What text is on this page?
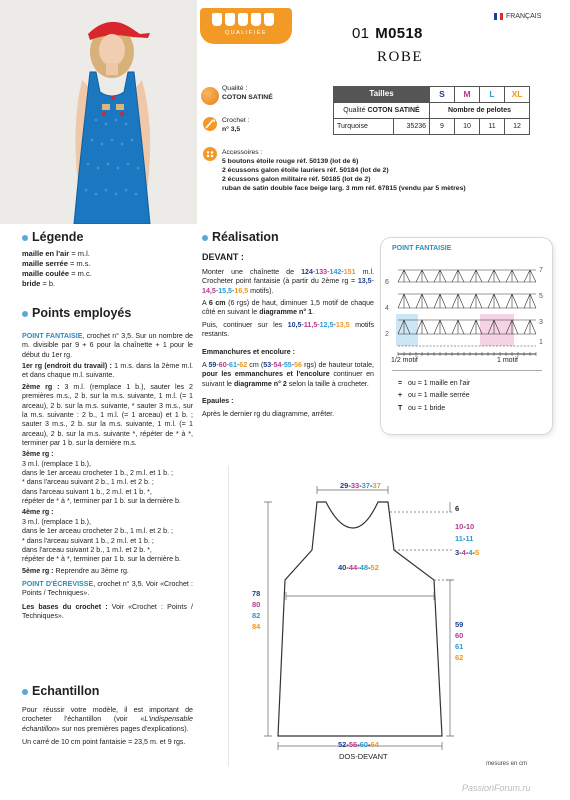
QUALIFIÉE
FRANÇAIS
01 M0518
ROBE
Qualité :
COTON SATINÉ
Crochet :
n° 3,5
Accessoires :
5 boutons étoile rouge réf. 50139 (lot de 6)
2 écussons galon étoile lauriers réf. 50184 (lot de 2)
2 écussons galon militaire réf. 50185 (lot de 2)
ruban de satin double face beige larg. 3 mm réf. 67815 (vendu par 5 mètres)
Tailles		S	M	L	XL
Qualité COTON SATINÉ		Nombre de pelotes			
Turquoise	35236	9	10	11	12
Légende
maille en l'air = m.l.
maille serrée = m.s.
maille coulée = m.c.
bride = b.
Points employés
POINT FANTAISIE, crochet n° 3,5. Sur un nombre de m. divisible par 9 + 6 pour la chaînette + 1 pour le début du 1er rg.
1er rg (endroit du travail) : 1 m.s. dans la 2ème m.l. et dans chaque m.l. suivante.
2ème rg : 3 m.l. (remplace 1 b.), sauter les 2 premières m.s., 2 b. sur la m.s. suivante, 1 m.l. (= 1 arceau), 2 b. sur la m.s. suivante, * sauter 3 m.s., sur la m.s. suivante : 2 b., 1 m.l. (= 1 arceau) et 1 b. ; sauter 3 m.s., 2 b. sur la m.s. suivante, 1 m.l. (= 1 arceau), 2 b. sur la m.s. suivante *, répéter de * à *, terminer par 1 b. sur la dernière m.s.
3ème rg :
3 m.l. (remplace 1 b.),
dans le 1er arceau crocheter 1 b., 2 m.l. et 1 b. ;
* dans l'arceau suivant 2 b., 1 m.l. et 2 b. ;
dans l'arceau suivant 1 b., 2 m.l. et 1 b. *,
répéter de * à *, terminer par 1 b. sur la dernière b.
4ème rg :
3 m.l. (remplace 1 b.),
dans le 1er arceau crocheter 2 b., 1 m.l. et 2 b. ;
* dans l'arceau suivant 1 b., 2 m.l. et 1 b. ;
dans l'arceau suivant 2 b., 1 m.l. et 2 b. *,
répéter de * à *, terminer par 1 b. sur la dernière b.
5ème rg : Reprendre au 3ème rg.
POINT D'ÉCREVISSE, crochet n° 3,5. Voir «Crochet : Points / Techniques».
Les bases du crochet : Voir «Crochet : Points / Techniques».
Echantillon
Pour réussir votre modèle, il est important de crocheter l'échantillon (voir «L'indispensable échantillon» sur nos premières pages d'explications).
Un carré de 10 cm point fantaisie = 23,5 m. et 9 rgs.
Réalisation
DEVANT :
Monter une chaînette de 124-133-142-151 m.l. Crocheter point fantaisie (à partir du 2ème rg = 13,5-14,5-15,5-16,5 motifs).
A 6 cm (6 rgs) de haut, diminuer 1,5 motif de chaque côté en suivant le diagramme n° 1.
Puis, continuer sur les 10,5-11,5-12,5-13,5 motifs restants.
Emmanchures et encolure :
A 59-60-61-62 cm (53-54-55-56 rgs) de hauteur totale, pour les emmanchures et l'encolure continuer en suivant le diagramme n° 2 selon la taille à crocheter.
Epaules :
Après le dernier rg du diagramme, arrêter.
POINT FANTAISIE
6
4
2
7
5
3
1
1/2 motif	1 motif
= ou = 1 maille en l'air
+ ou = 1 maille serrée
T ou = 1 bride
29-33-37-37
6
10-10
11-11
3-4-4-5
40-44-48-52
78
80
82
84	59
60
61
62
52-56-60-64
DOS-DEVANT
mesures en cm
PassionForum.ru
